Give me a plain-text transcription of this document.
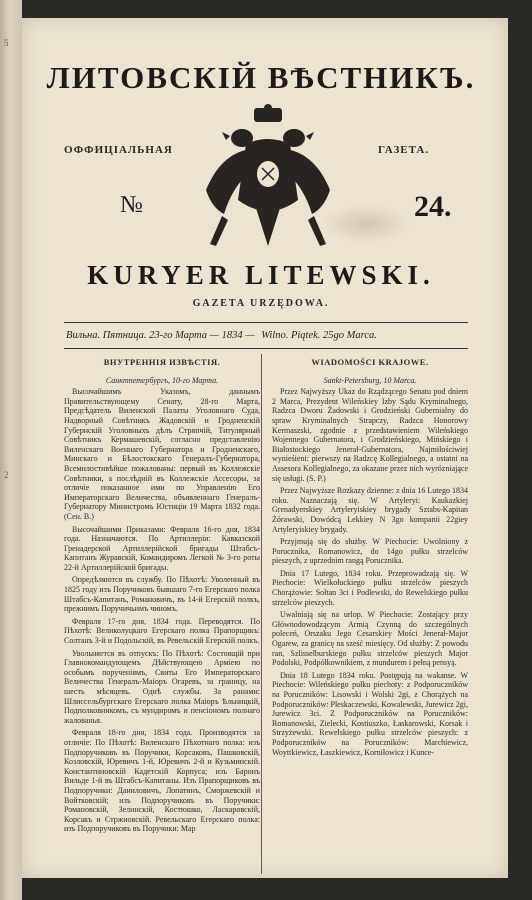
5
2
ЛИТОВСКІЙ ВѢСТНИКЪ.
ОФФИЦІАЛЬНАЯ	ГАЗЕТА.
№	24.
KURYER LITEWSKI.
GAZETA URZĘDOWA.
Вильна. Пятница. 23-го Марта — 1834 — Wilno. Piątek. 25go Marca.
ВНУТРЕННІЯ ИЗВѢСТІЯ.
Санктпетербургъ, 10-го Марта.

Высочайшимъ Указомъ, даннымъ Правительствующему Сенату, 28-го Марта, Предсѣдатель Виленской Палаты Уголовнаго Суда, Надворный Совѣтникъ Жадовскій и Гродненскій Губернскій Уголовныхъ дѣлъ Стряпчій, Титулярный Совѣтникъ Кермашевскій, согласно представленію Виленскаго Военнаго Губернатора и Гродненскаго, Минскаго и Бѣлостокскаго Генералъ-Губернатора, Всемилостивѣйше пожалованы: первый въ Коллежскіе Совѣтники, а послѣдній въ Коллежскіе Ассесоры, за отличіе показанное ими по Управленію Его Императорскаго Величества, объявленнаго Генералъ-Губернатору Министромъ Юстиціи 19 Марта 1832 года. (Сен. В.)

Высочайшими Приказами: Февраля 16-го дня, 1834 года. Назначаются. По Артиллеріи: Кавказской Гренадерской Артиллерійской бригады Штабсъ-Капитанъ Журавскій, Командиромъ Легкой № 3-го роты 22-й Артиллерійской бригады.

Опредѣляются въ службу. По Пѣхотѣ: Уволенный въ 1825 году изъ Поручиковъ бывшаго 7-го Егерскаго полка Штабсъ-Капитанъ, Романовичъ, въ 14-й Егерскій полкъ, прежнимъ Поручичьимъ чиномъ.

Февраля 17-го дня, 1834 года. Переводятся. По Пѣхотѣ: Великолуцкаго Егерскаго полка Прапорщикъ: Солтанъ 3-й и Подольскій, въ Ревельскій Егерскій полкъ.

Увольняется въ отпускъ: По Пѣхотѣ: Состоящій при Главнокомандующемъ Дѣйствующею Арміею по особымъ порученіямъ, Свиты Его Императорскаго Величества Генералъ-Маіоръ Огаревъ, за границу, на шесть мѣсяцевъ. Однѣ службы. За ранами: Шлиссельбургскаго Егерскаго полка Маіоръ Ѣльницкій, Подполковникомъ, съ мундиромъ и пенсіономъ полнаго жалованья.

Февраля 18-го дня, 1834 года. Производятся за отличіе: По Пѣхотѣ: Виленскаго Пѣхотнаго полка: изъ Подпоручиковъ въ Поручики, Корсаковъ, Пашковскій, Козловскій, Юревичъ 1-й, Юревичъ 2-й и Кузьминскій. Константиновскій Кадетскій Корпуса; изъ Баронъ Вильде 1-й въ Штабсъ-Капитаны. Изъ Прапорщиковъ въ Подпоручики: Даниловичъ, Лопатинъ, Сморжевскій и Войтковскій; изъ Подпоручиковъ въ Поручики: Романовскій, Зелинскій, Костюшко, Ласкаровскій, Корсакъ и Стржиовскій. Ревельскаго Егерскаго полка: изъ Подпоручиковъ въ Поручики: Мар

WIADOMOŚCI KRAJOWE.
Sankt-Petersburg, 10 Marca.

Przez Najwyższy Ukaz do Rządzącego Senatu pod dniem 2 Marca, Prezydent Wileńskiey Izby Sądu Kryminalnego, Radzca Dworu Żadowski i Grodzieński Gubernialny do spraw Kryminalnych Strapczy, Radzca Honorowy Kermaszski, zgodnie z przedstawieniem Wileńskiego Wojennego Gubernatora, i Grodzieńskiego, Mińskiego i Białostockiego Jenerał-Gubernatora, Najmiłościwiej wynieśieni: pierwszy na Radzcę Kollegialnego, a ostatni na Assesora Kollegialnego, za okazane przez nich wyrózniające się usługi. (S. P.)

Przez Najwyższe Rozkazy dzienne: z dnia 16 Lutego 1834 roku. Naznaczają się. W Artyleryi: Kaukazkiej Grenadyerskiey Artyleryiskiey brygady Sztabs-Kapitan Żórawski, Dowódcą Lekkiey N 3go kompanii 22giey Artyleryiskiey brygady.

Przyjmują się do służby. W Piechocie: Uwolniony z Porucznika, Romanowicz, do 14go pułku strzelców pieszych, z uprzednim rangą Porucznika.

Dnia 17 Lutego, 1834 roku. Przeprowadzają się. W Piechocie: Wielkołuckiego pułku strzelców pieszych Chorążowie: Sołtan 3ci i Podlewski, do Rewelskiego pułku strzelców pieszych.

Uwalniają się na urlop. W Piechocie: Zostający przy Głównodowodzącym Armią Czynną do szczególnych poleceń, Orszaku Jego Cesarskiey Mości Jenerał-Major Ogarew, za granicę na sześć miesięcy. Od służby: Z powodu ran, Szlisselburskiego pułku strzelców pieszych Major Podolski, Podpółkownikiem, z mundurem i pełną pensyą.

Dnia 18 Lutego 1834 roku. Postępują na wakanse. W Piechocie: Wileńskiego pułku piechoty: z Podporuczników na Poruczników: Lisowski i Wolski 2gi, z Chorążych na Podporuczników: Pleskaczewski, Kowalewski, Jurewicz 2gi, Jurewicz 3ci. Z Podporuczników na Poruczników: Romanowski, Zielecki, Kostiuszko, Łaskarowski, Korsak i Strzyżewski. Rewelskiego pułku strzelców pieszych: z Podporuczników na Poruczników: Marchiewicz, Woyttkiewicz, Łaszkiewicz, Korniłowicz i Kunce-
